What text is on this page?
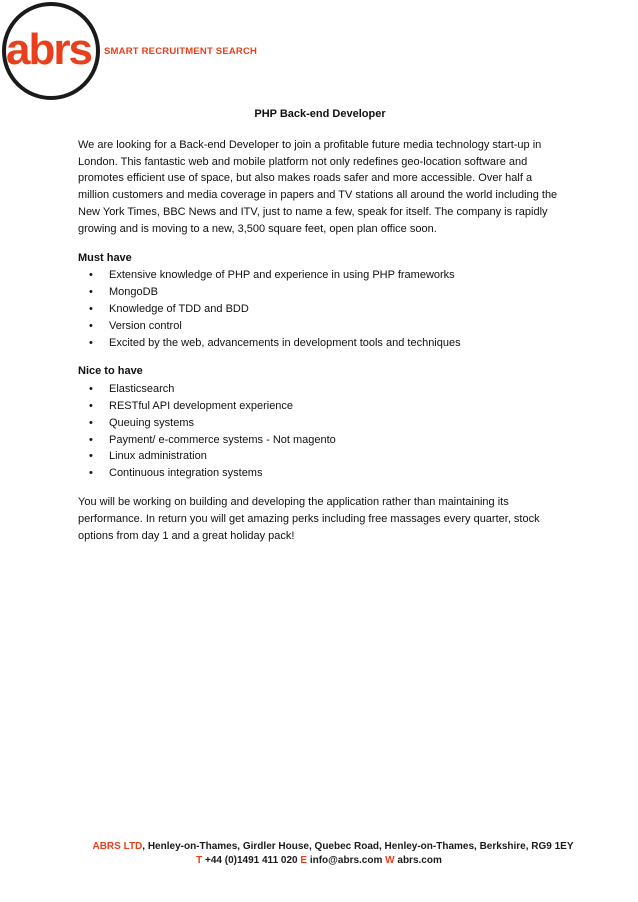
abrs	SMART RECRUITMENT SEARCH
PHP Back-end Developer

We are looking for a Back-end Developer to join a profitable future media technology start-up in London. This fantastic web and mobile platform not only redefines geo-location software and promotes efficient use of space, but also makes roads safer and more accessible. Over half a million customers and media coverage in papers and TV stations all around the world including the New York Times, BBC News and ITV, just to name a few, speak for itself. The company is rapidly growing and is moving to a new, 3,500 square feet, open plan office soon.

Must have
• Extensive knowledge of PHP and experience in using PHP frameworks
• MongoDB
• Knowledge of TDD and BDD
• Version control
• Excited by the web, advancements in development tools and techniques
Nice to have
• Elasticsearch
• RESTful API development experience
• Queuing systems
• Payment/ e-commerce systems - Not magento
• Linux administration
• Continuous integration systems

You will be working on building and developing the application rather than maintaining its performance. In return you will get amazing perks including free massages every quarter, stock options from day 1 and a great holiday pack!

ABRS LTD, Henley-on-Thames, Girdler House, Quebec Road, Henley-on-Thames, Berkshire, RG9 1EY
T +44 (0)1491 411 020 E info@abrs.com W abrs.com
